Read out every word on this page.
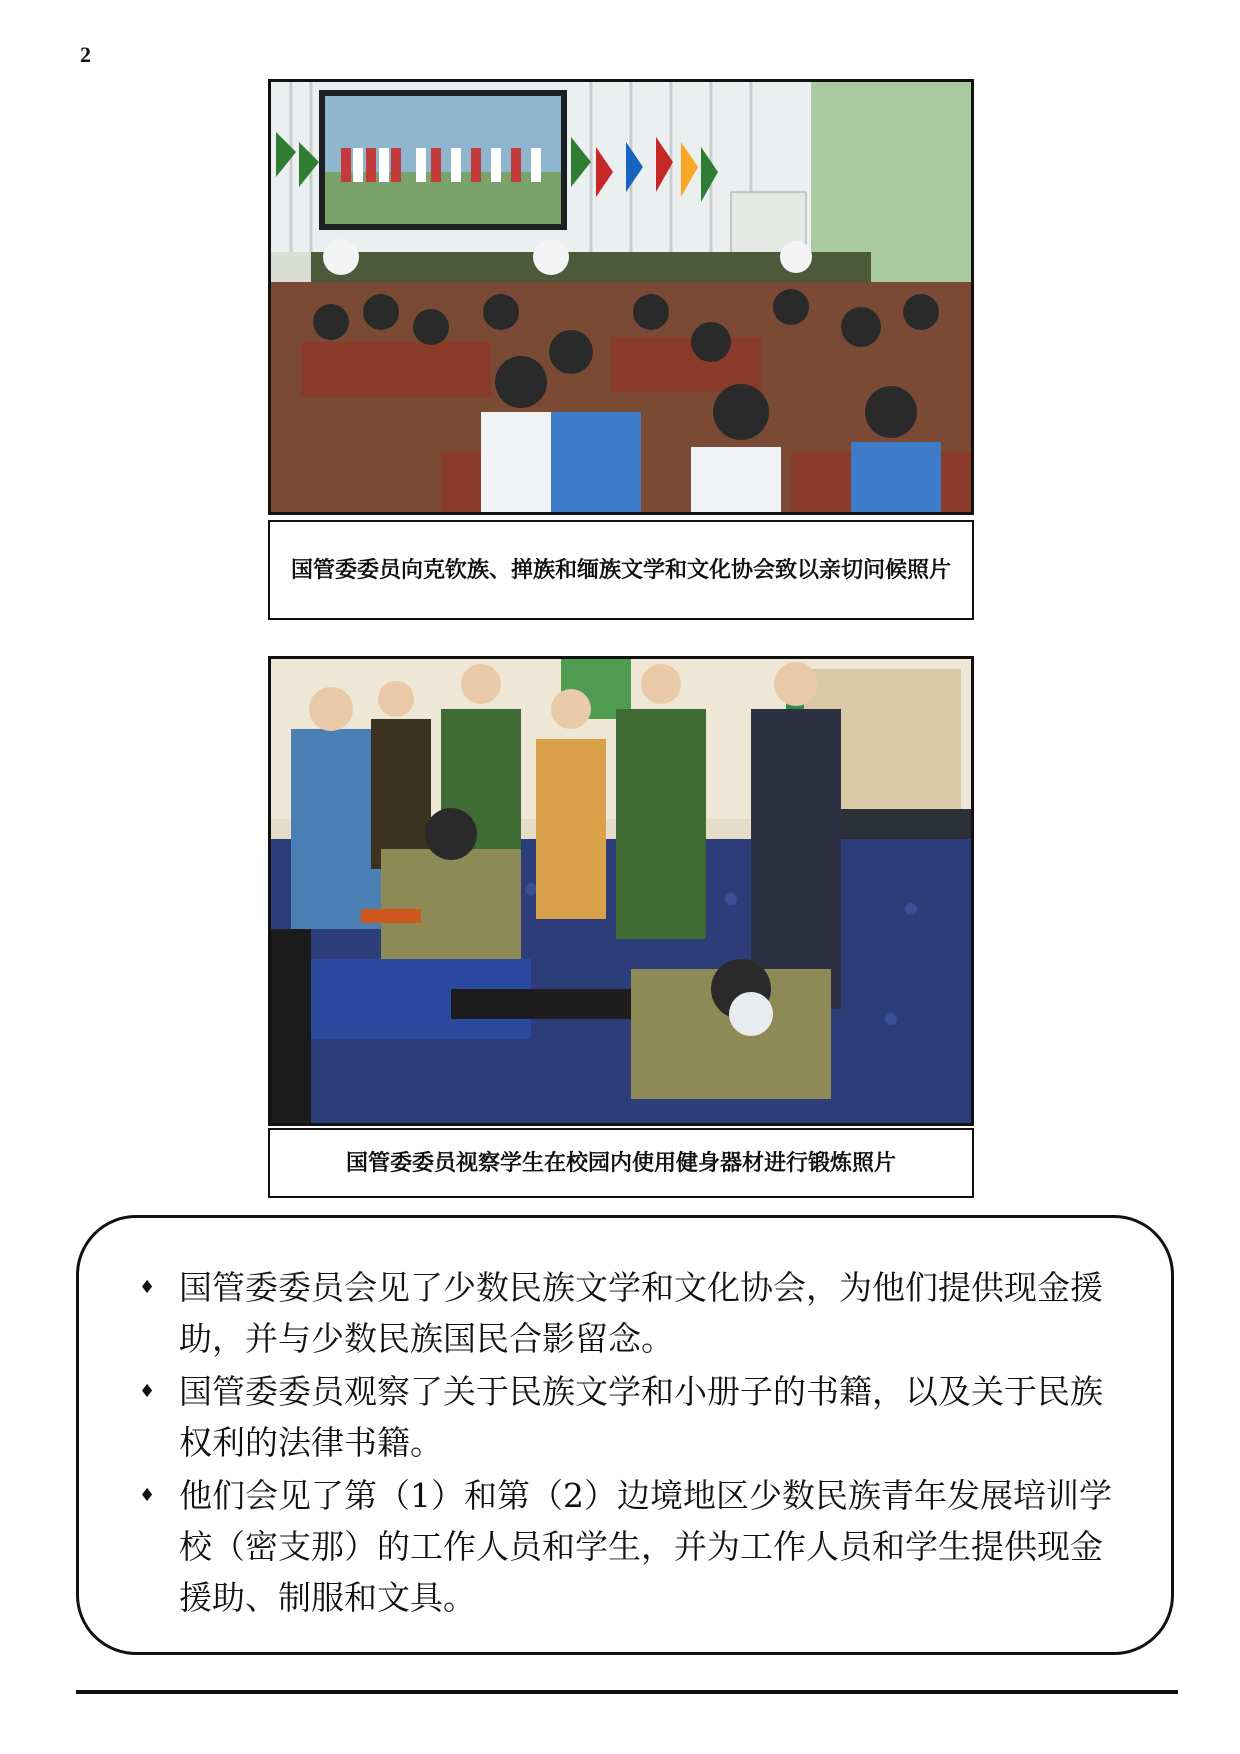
2
国管委委员向克钦族、掸族和缅族文学和文化协会致以亲切问候照片
国管委委员视察学生在校园内使用健身器材进行锻炼照片
♦ 国管委委员会见了少数民族文学和文化协会，为他们提供现金援助，并与少数民族国民合影留念。
♦ 国管委委员观察了关于民族文学和小册子的书籍，以及关于民族权利的法律书籍。
♦ 他们会见了第（1）和第（2）边境地区少数民族青年发展培训学校（密支那）的工作人员和学生，并为工作人员和学生提供现金援助、制服和文具。
